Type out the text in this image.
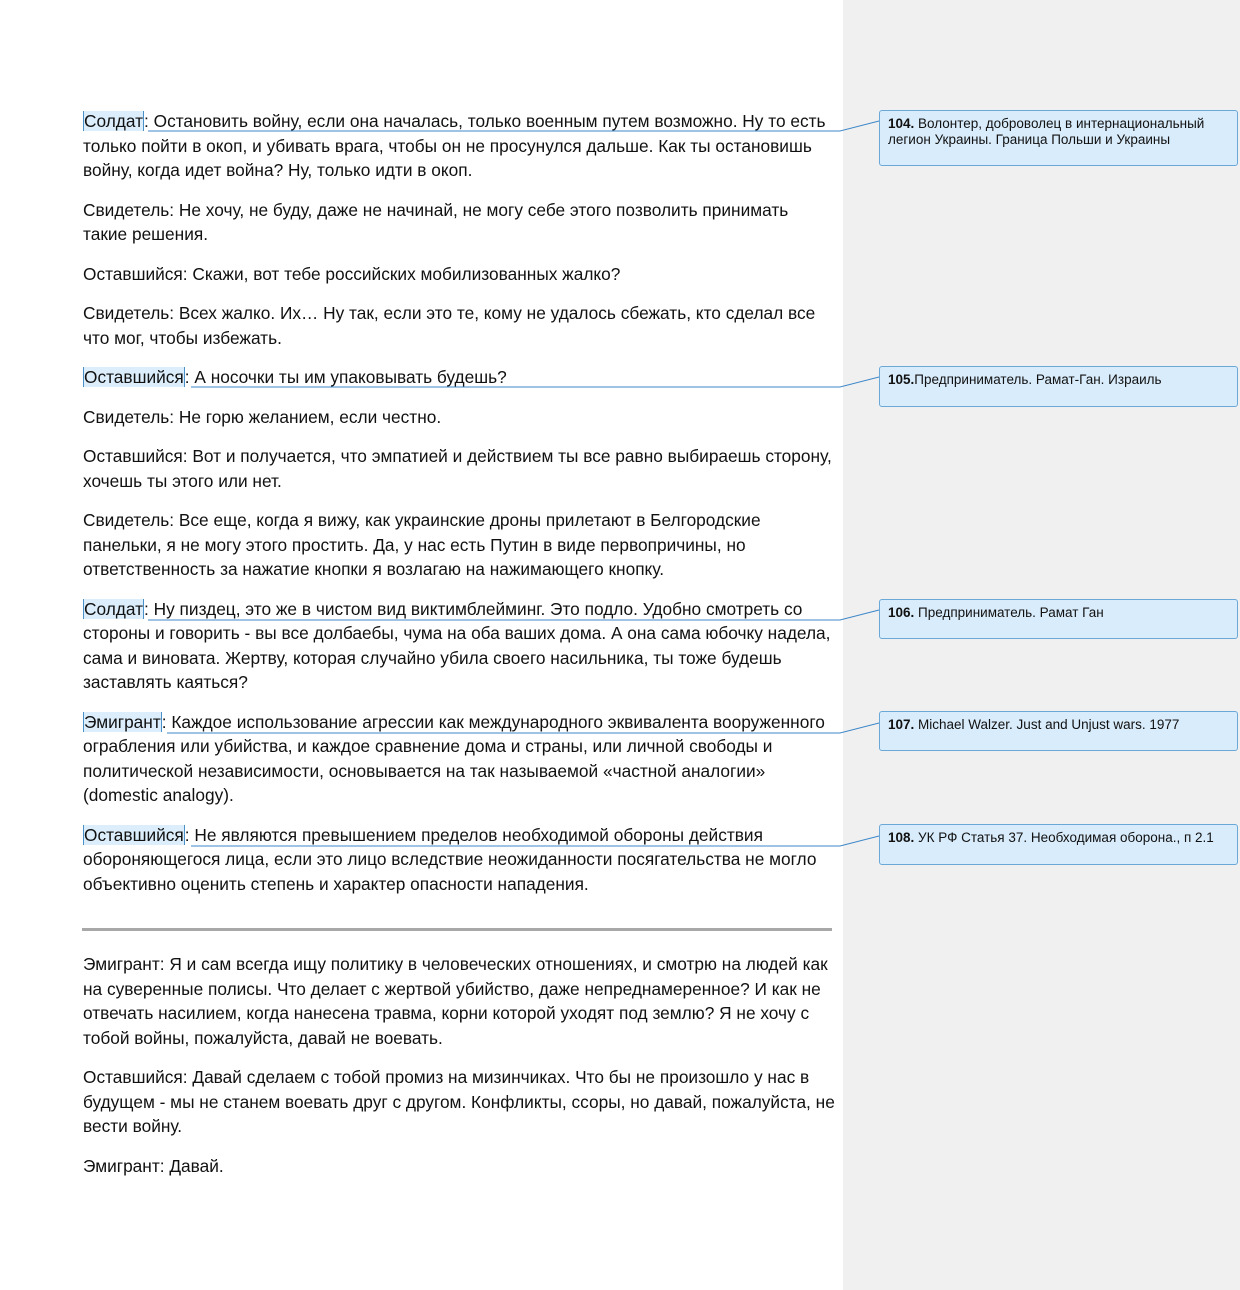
Солдат: Остановить войну, если она началась, только военным путем возможно. Ну то есть только пойти в окоп, и убивать врага, чтобы он не просунулся дальше. Как ты остановишь войну, когда идет война? Ну, только идти в окоп.

Свидетель: Не хочу, не буду, даже не начинай, не могу себе этого позволить принимать такие решения.

Оставшийся: Скажи, вот тебе российских мобилизованных жалко?

Свидетель: Всех жалко. Их… Ну так, если это те, кому не удалось сбежать, кто сделал все что мог, чтобы избежать.

Оставшийся: А носочки ты им упаковывать будешь?

Свидетель: Не горю желанием, если честно.

Оставшийся: Вот и получается, что эмпатией и действием ты все равно выбираешь сторону, хочешь ты этого или нет.

Свидетель: Все еще, когда я вижу, как украинские дроны прилетают в Белгородские панельки, я не могу этого простить. Да, у нас есть Путин в виде первопричины, но ответственность за нажатие кнопки я возлагаю на нажимающего кнопку.

Солдат: Ну пиздец, это же в чистом вид виктимблейминг. Это подло. Удобно смотреть со стороны и говорить - вы все долбаебы, чума на оба ваших дома. А она сама юбочку надела, сама и виновата. Жертву, которая случайно убила своего насильника, ты тоже будешь заставлять каяться?

Эмигрант: Каждое использование агрессии как международного эквивалента вооруженного ограбления или убийства, и каждое сравнение дома и страны, или личной свободы и политической независимости, основывается на так называемой «частной аналогии» (domestic analogy).

Оставшийся: Не являются превышением пределов необходимой обороны действия обороняющегося лица, если это лицо вследствие неожиданности посягательства не могло объективно оценить степень и характер опасности нападения.

Эмигрант: Я и сам всегда ищу политику в человеческих отношениях, и смотрю на людей как на суверенные полисы. Что делает с жертвой убийство, даже непреднамеренное? И как не отвечать насилием, когда нанесена травма, корни которой уходят под землю? Я не хочу с тобой войны, пожалуйста, давай не воевать.

Оставшийся: Давай сделаем с тобой промиз на мизинчиках. Что бы не произошло у нас в будущем - мы не станем воевать друг с другом. Конфликты, ссоры, но давай, пожалуйста, не вести войну.

Эмигрант: Давай.

104. Волонтер, доброволец в интернациональный легион Украины. Граница Польши и Украины
105.Предприниматель. Рамат-Ган. Израиль
106. Предприниматель. Рамат Ган
107. Michael Walzer. Just and Unjust wars. 1977
108. УК РФ Статья 37. Необходимая оборона., п 2.1
